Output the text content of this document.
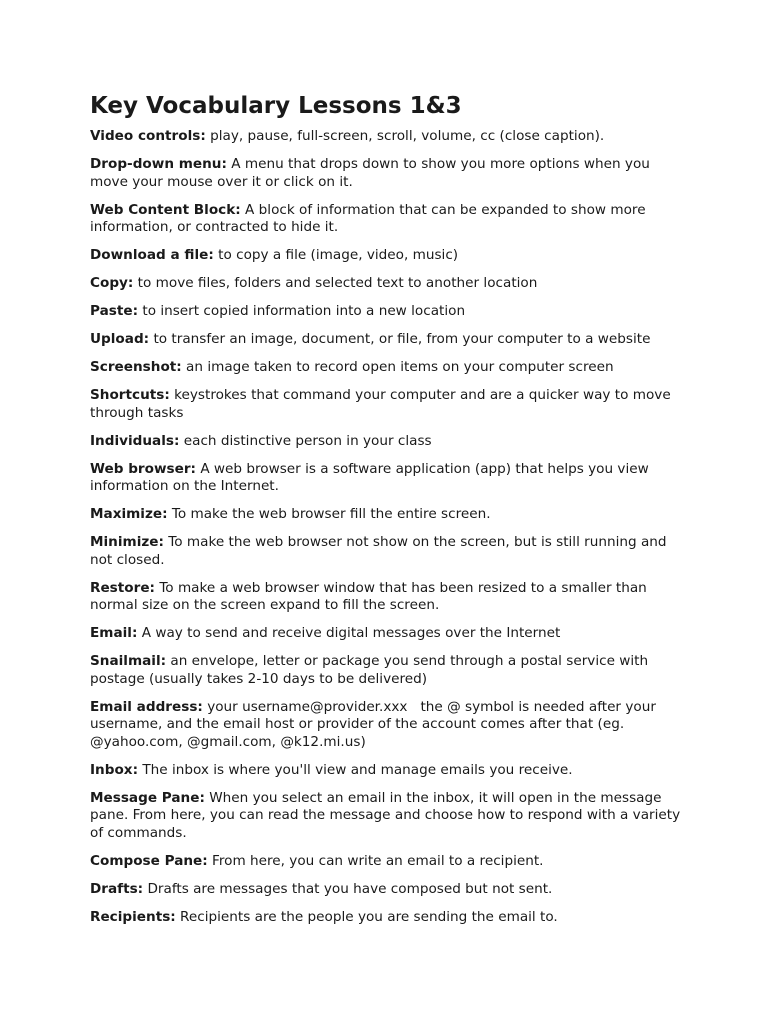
Key Vocabulary Lessons 1&3
Video controls: play, pause, full-screen, scroll, volume, cc (close caption).
Drop-down menu: A menu that drops down to show you more options when you move your mouse over it or click on it.
Web Content Block: A block of information that can be expanded to show more information, or contracted to hide it.
Download a file: to copy a file (image, video, music)
Copy: to move files, folders and selected text to another location
Paste: to insert copied information into a new location
Upload: to transfer an image, document, or file, from your computer to a website
Screenshot: an image taken to record open items on your computer screen
Shortcuts: keystrokes that command your computer and are a quicker way to move through tasks
Individuals: each distinctive person in your class
Web browser: A web browser is a software application (app) that helps you view information on the Internet.
Maximize: To make the web browser fill the entire screen.
Minimize: To make the web browser not show on the screen, but is still running and not closed.
Restore: To make a web browser window that has been resized to a smaller than normal size on the screen expand to fill the screen.
Email: A way to send and receive digital messages over the Internet
Snailmail: an envelope, letter or package you send through a postal service with postage (usually takes 2-10 days to be delivered)
Email address: your username@provider.xxx   the @ symbol is needed after your username, and the email host or provider of the account comes after that (eg. @yahoo.com, @gmail.com, @k12.mi.us)
Inbox: The inbox is where you'll view and manage emails you receive.
Message Pane: When you select an email in the inbox, it will open in the message pane. From here, you can read the message and choose how to respond with a variety of commands.
Compose Pane: From here, you can write an email to a recipient.
Drafts: Drafts are messages that you have composed but not sent.
Recipients: Recipients are the people you are sending the email to.
